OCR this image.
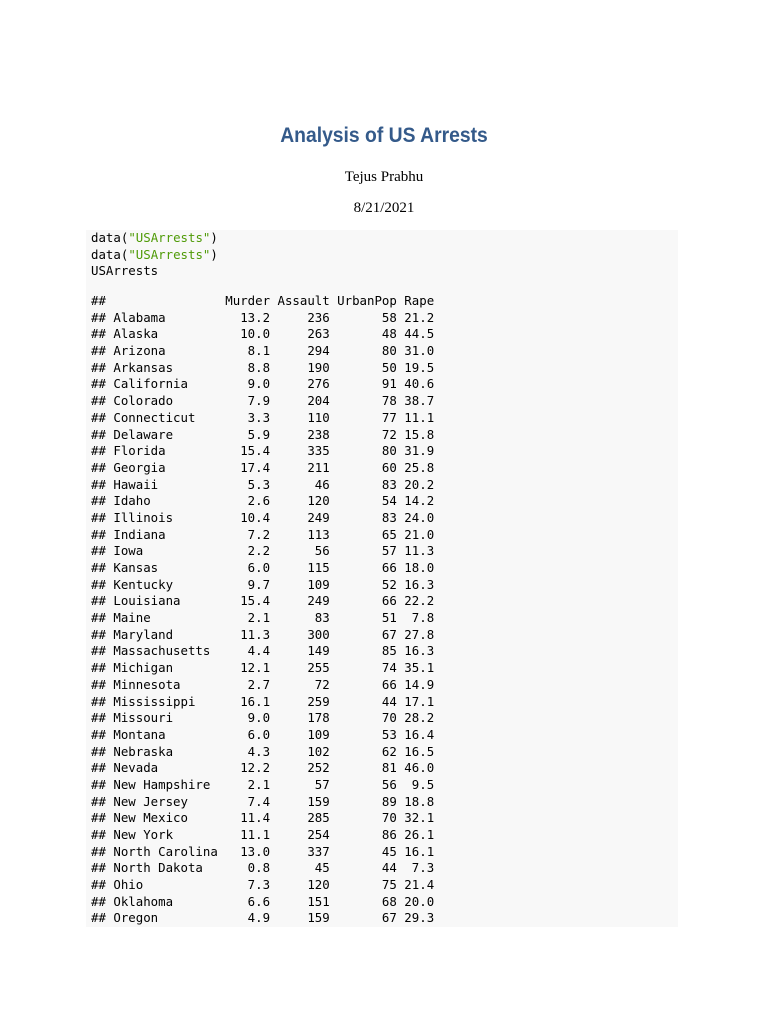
Analysis of US Arrests
Tejus Prabhu
8/21/2021
data("USArrests")
data("USArrests")
USArrests
##                Murder Assault UrbanPop Rape
## Alabama          13.2     236       58 21.2
## Alaska           10.0     263       48 44.5
## Arizona           8.1     294       80 31.0
## Arkansas          8.8     190       50 19.5
## California        9.0     276       91 40.6
## Colorado          7.9     204       78 38.7
## Connecticut       3.3     110       77 11.1
## Delaware          5.9     238       72 15.8
## Florida          15.4     335       80 31.9
## Georgia          17.4     211       60 25.8
## Hawaii            5.3      46       83 20.2
## Idaho             2.6     120       54 14.2
## Illinois         10.4     249       83 24.0
## Indiana           7.2     113       65 21.0
## Iowa              2.2      56       57 11.3
## Kansas            6.0     115       66 18.0
## Kentucky          9.7     109       52 16.3
## Louisiana        15.4     249       66 22.2
## Maine             2.1      83       51  7.8
## Maryland         11.3     300       67 27.8
## Massachusetts     4.4     149       85 16.3
## Michigan         12.1     255       74 35.1
## Minnesota         2.7      72       66 14.9
## Mississippi      16.1     259       44 17.1
## Missouri          9.0     178       70 28.2
## Montana           6.0     109       53 16.4
## Nebraska          4.3     102       62 16.5
## Nevada           12.2     252       81 46.0
## New Hampshire     2.1      57       56  9.5
## New Jersey        7.4     159       89 18.8
## New Mexico       11.4     285       70 32.1
## New York         11.1     254       86 26.1
## North Carolina   13.0     337       45 16.1
## North Dakota      0.8      45       44  7.3
## Ohio              7.3     120       75 21.4
## Oklahoma          6.6     151       68 20.0
## Oregon            4.9     159       67 29.3
